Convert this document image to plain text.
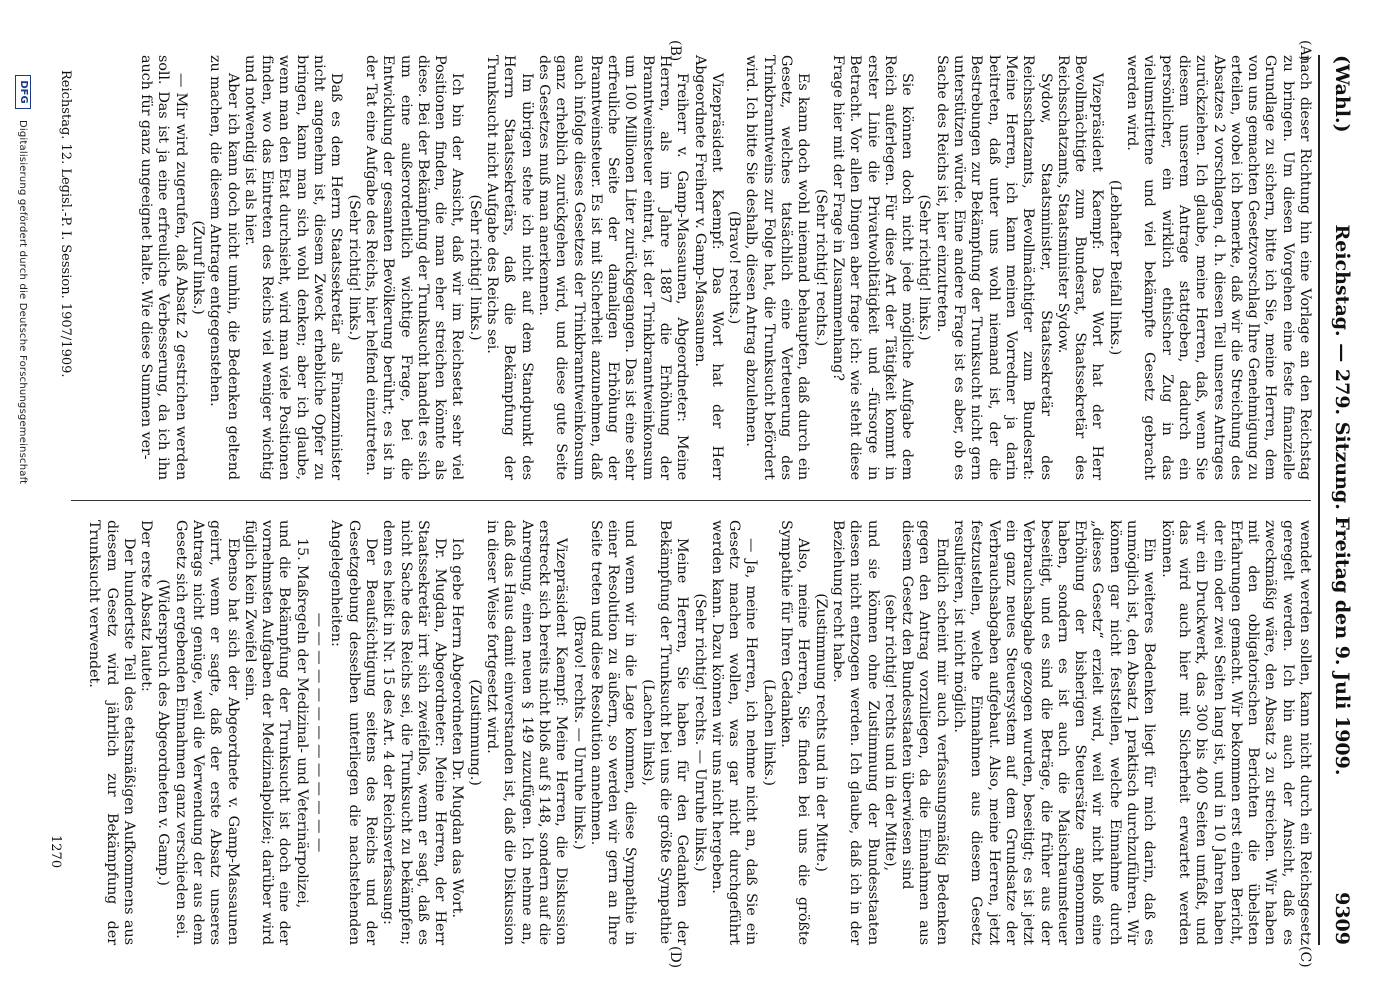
(Wahl.)
Reichstag. — 279. Sitzung. Freitag den 9. Juli 1909.
9309
(A)
(B)
(C)
(D)

nach dieser Richtung hin eine Vorlage an den Reichstag zu bringen. Um diesen Vorgehen eine feste finanzielle Grundlage zu sichern, bitte ich Sie, meine Herren, dem von uns gemachten Gesetzvorschlag Ihre Genehmigung zu erteilen, wobei ich bemerke, daß wir die Streichung des Absatzes 2 vorschlagen, d. h. diesen Teil unseres Antrages zurückziehen. Ich glaube, meine Herren, daß, wenn Sie diesem unserem Antrage stattgeben, dadurch ein persönlicher, ein wirklich ethischer Zug in das vielumstrittene und viel bekämpfte Gesetz gebracht werden wird.

(Lebhafter Beifall links.)

Vizepräsident Kaempf: Das Wort hat der Herr Bevollmächtigte zum Bundesrat, Staatssekretär des Reichsschatzamts, Staatsminister Sydow.

Sydow, Staatsminister, Staatssekretär des Reichsschatzamts, Bevollmächtigter zum Bundesrat: Meine Herren, ich kann meinen Vorredner ja darin beitreten, daß unter uns wohl niemand ist, der die Bestrebungen zur Bekämpfung der Trunksucht nicht gern unterstützen würde. Eine andere Frage ist es aber, ob es Sache des Reichs ist, hier einzutreten.

(Sehr richtig! links.)

Sie können doch nicht jede mögliche Aufgabe dem Reich auferlegen. Für diese Art der Tätigkeit kommt in erster Linie die Privatwohltätigkeit und -fürsorge in Betracht. Vor allen Dingen aber frage ich: wie steht diese Frage hier mit der Frage in Zusammenhang?

(Sehr richtig! rechts.)

Es kann doch wohl niemand behaupten, daß durch ein Gesetz, welches tatsächlich eine Verteuerung des Trinkbranntweins zur Folge hat, die Trunksucht befördert wird. Ich bitte Sie deshalb, diesen Antrag abzulehnen.

(Bravo! rechts.)

Vizepräsident Kaempf: Das Wort hat der Herr Abgeordnete Freiherr v. Gamp-Massaunen.

Freiherr v. Gamp-Massaunen, Abgeordneter: Meine Herren, als im Jahre 1887 die Erhöhung der Branntweinsteuer eintrat, ist der Trinkbranntweinkonsum um 100 Millionen Liter zurückgegangen. Das ist eine sehr erfreuliche Seite der damaligen Erhöhung der Branntweinsteuer. Es ist mit Sicherheit anzunehmen, daß auch infolge dieses Gesetzes der Trinkbranntweinkonsum ganz erheblich zurückgehen wird, und diese gute Seite des Gesetzes muß man anerkennen.

Im übrigen stehe ich nicht auf dem Standpunkt des Herrn Staatssekretärs, daß die Bekämpfung der Trunksucht nicht Aufgabe des Reichs sei.

(Sehr richtig! links.)

Ich bin der Ansicht, daß wir im Reichsetat sehr viel Positionen finden, die man eher streichen könnte als diese. Bei der Bekämpfung der Trunksucht handelt es sich um eine außerordentlich wichtige Frage, bei die Entwicklung der gesamten Bevölkerung berührt; es ist in der Tat eine Aufgabe des Reichs, hier helfend einzutreten.

(Sehr richtig! links.)

Daß es dem Herrn Staatssekretär als Finanzminister nicht angenehm ist, diesem Zweck erhebliche Opfer zu bringen, kann man sich wohl denken; aber ich glaube, wenn man den Etat durchsieht, wird man viele Positionen finden, wo das Eintreten des Reichs viel weniger wichtig und notwendig ist als hier.

Aber ich kann doch nicht umhin, die Bedenken geltend zu machen, die diesem Antrage entgegenstehen.

(Zuruf links.)

— Mir wird zugerufen, daß Absatz 2 gestrichen werden soll. Das ist ja eine erfreuliche Verbesserung, da ich ihn auch für ganz ungeeignet halte. Wie diese Summen ver-

wendet werden sollen, kann nicht durch ein Reichsgesetz geregelt werden. Ich bin auch der Ansicht, daß es zweckmäßig wäre, den Absatz 3 zu streichen. Wir haben mit den obligatorischen Berichten die übelsten Erfahrungen gemacht. Wir bekommen erst einen Bericht, der ein oder zwei Seiten lang ist, und in 10 Jahren haben wir ein Druckwerk, das 300 bis 400 Seiten umfaßt, und das wird auch hier mit Sicherheit erwartet werden können.

Ein weiteres Bedenken liegt für mich darin, daß es unmöglich ist, den Absatz 1 praktisch durchzuführen. Wir können gar nicht feststellen, welche Einnahme durch „dieses Gesetz“ erzielt wird, weil wir nicht bloß eine Erhöhung der bisherigen Steuersätze angenommen haben, sondern es ist auch die Maischraumsteuer beseitigt, und es sind die Beträge, die früher aus der Verbrauchsabgabe gezogen wurden, beseitigt; es ist jetzt ein ganz neues Steuersystem auf dem Grundsatze der Verbrauchsabgaben aufgebaut. Also, meine Herren, jetzt festzustellen, welche Einnahmen aus diesem Gesetz resultieren, ist nicht möglich.

Endlich scheint mir auch verfassungsmäßig Bedenken gegen den Antrag vorzuliegen, da die Einnahmen aus diesem Gesetz den Bundesstaaten überwiesen sind

(sehr richtig! rechts und in der Mitte),

und sie können ohne Zustimmung der Bundesstaaten diesen nicht entzogen werden. Ich glaube, daß ich in der Beziehung recht habe.

(Zustimmung rechts und in der Mitte.)

Also, meine Herren, Sie finden bei uns die größte Sympathie für Ihren Gedanken.

(Lachen links.)

— Ja, meine Herren, ich nehme nicht an, daß Sie ein Gesetz machen wollen, was gar nicht durchgeführt werden kann. Dazu können wir uns nicht hergeben.

(Sehr richtig! rechts. — Unruhe links.)

Meine Herren, Sie haben für den Gedanken der Bekämpfung der Trunksucht bei uns die größte Sympathie

(Lachen links),

und wenn wir in die Lage kommen, diese Sympathie in einer Resolution zu äußern, so werden wir gern an Ihre Seite treten und diese Resolution annehmen.

(Bravo! rechts. — Unruhe links.)

Vizepräsident Kaempf: Meine Herren, die Diskussion erstreckt sich bereits nicht bloß auf § 148, sondern auf die Anregung, einen neuen § 149 zuzufügen. Ich nehme an, daß das Haus damit einverstanden ist, daß die Diskussion in dieser Weise fortgesetzt wird.

(Zustimmung.)

Ich gebe Herrn Abgeordneten Dr. Mugdan das Wort.

Dr. Mugdan, Abgeordneter: Meine Herren, der Herr Staatssekretär irrt sich zweifellos, wenn er sagt, daß es nicht Sache des Reichs sei, die Trunksucht zu bekämpfen; denn es heißt in Nr. 15 des Art. 4 der Reichsverfassung:

Der Beaufsichtigung seitens des Reichs und der Gesetzgebung desselben unterliegen die nachstehenden Angelegenheiten:

— — — — — — — — — — — — —

15. Maßregeln der Medizinal- und Veterinärpolizei,

und die Bekämpfung der Trunksucht ist doch eine der vornehmsten Aufgaben der Medizinalpolizei; darüber wird füglich kein Zweifel sein.

Ebenso hat sich der Abgeordnete v. Gamp-Massaunen geirrt, wenn er sagte, daß der erste Absatz unseres Antrags nicht genüge, weil die Verwendung der aus dem Gesetz sich ergebenden Einnahmen ganz verschieden sei.

(Widerspruch des Abgeordneten v. Gamp.)

Der erste Absatz lautet:

Der hundertste Teil des etatsmäßigen Aufkommens aus diesem Gesetz wird jährlich zur Bekämpfung der Trunksucht verwendet.

Reichstag. 12. Legisl.-P. I. Session. 1907/1909.
1270
DFG
Digitalisierung gefördert durch die Deutsche Forschungsgemeinschaft
